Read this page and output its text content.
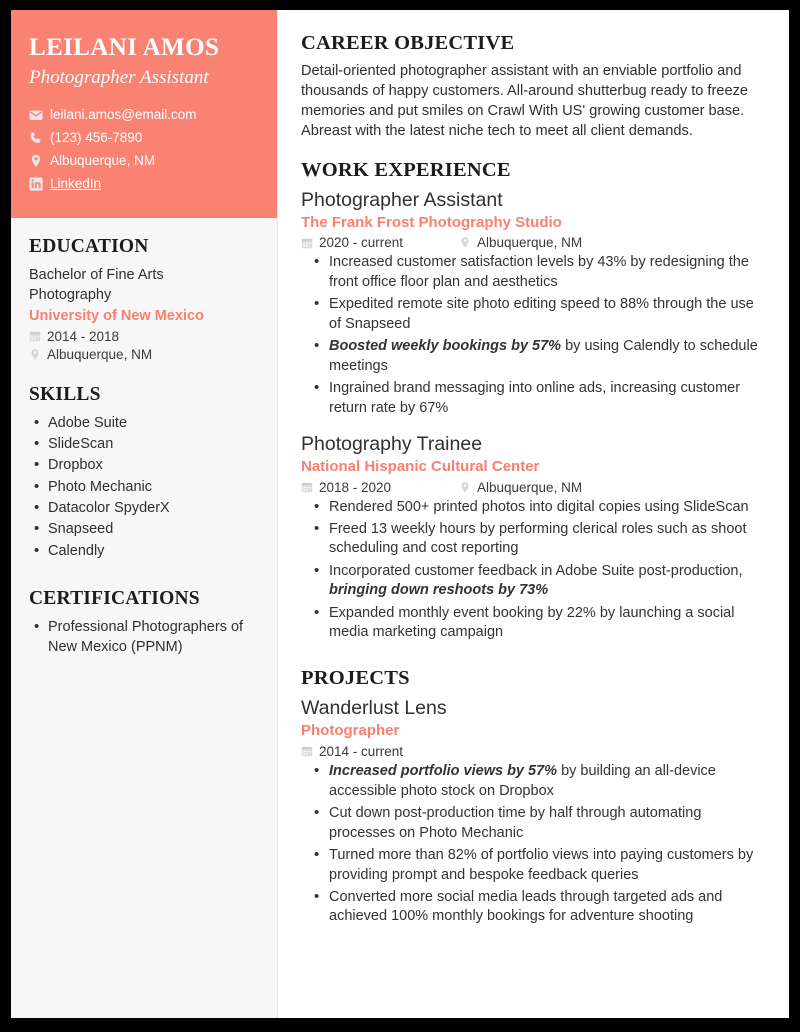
LEILANI AMOS
Photographer Assistant
leilani.amos@email.com
(123) 456-7890
Albuquerque, NM
LinkedIn
EDUCATION
Bachelor of Fine Arts
Photography
University of New Mexico
2014 - 2018
Albuquerque, NM
SKILLS
• Adobe Suite
• SlideScan
• Dropbox
• Photo Mechanic
• Datacolor SpyderX
• Snapseed
• Calendly
CERTIFICATIONS
• Professional Photographers of New Mexico (PPNM)
CAREER OBJECTIVE

Detail-oriented photographer assistant with an enviable portfolio and thousands of happy customers. All-around shutterbug ready to freeze memories and put smiles on Crawl With US' growing customer base. Abreast with the latest niche tech to meet all client demands.

WORK EXPERIENCE
Photographer Assistant
The Frank Frost Photography Studio
2020 - current	Albuquerque, NM
• Increased customer satisfaction levels by 43% by redesigning the front office floor plan and aesthetics
• Expedited remote site photo editing speed to 88% through the use of Snapseed
• Boosted weekly bookings by 57% by using Calendly to schedule meetings
• Ingrained brand messaging into online ads, increasing customer return rate by 67%
Photography Trainee
National Hispanic Cultural Center
2018 - 2020	Albuquerque, NM
• Rendered 500+ printed photos into digital copies using SlideScan
• Freed 13 weekly hours by performing clerical roles such as shoot scheduling and cost reporting
• Incorporated customer feedback in Adobe Suite post-production, bringing down reshoots by 73%
• Expanded monthly event booking by 22% by launching a social media marketing campaign
PROJECTS
Wanderlust Lens
Photographer
2014 - current
• Increased portfolio views by 57% by building an all-device accessible photo stock on Dropbox
• Cut down post-production time by half through automating processes on Photo Mechanic
• Turned more than 82% of portfolio views into paying customers by providing prompt and bespoke feedback queries
• Converted more social media leads through targeted ads and achieved 100% monthly bookings for adventure shooting
